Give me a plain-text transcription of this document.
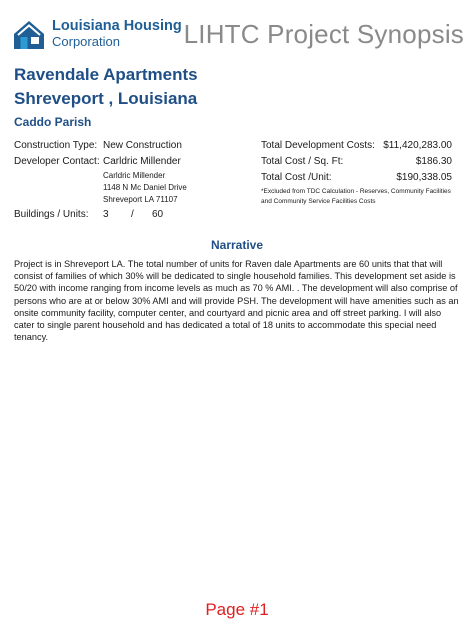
Louisiana Housing
Corporation	LIHTC Project Synopsis
Ravendale Apartments
Shreveport , Louisiana
Caddo Parish
Construction Type: New Construction
Developer Contact: Carldric Millender
Carldric Millender
1148 N Mc Daniel Drive
Shreveport LA 71107
Buildings / Units: 3 / 60
Total Development Costs: $11,420,283.00
Total Cost / Sq. Ft:	$186.30
Total Cost /Unit:	$190,338.05
*Excluded from TDC Calculation - Reserves, Community Facilities and Community Service Facilities Costs
Narrative
Project is in Shreveport LA. The total number of units for Raven dale Apartments are 60 units that that will consist of families of which 30% will be dedicated to single household families. This development set aside is 50/20 with income ranging from income levels as much as 70 % AMI. . The development will also comprise of persons who are at or below 30% AMI and will provide PSH. The development will have amenities such as an onsite community facility, computer center, and courtyard and picnic area and off street parking. I will also cater to single parent household and has dedicated a total of 18 units to accommodate this special need tenancy.
Page #1
